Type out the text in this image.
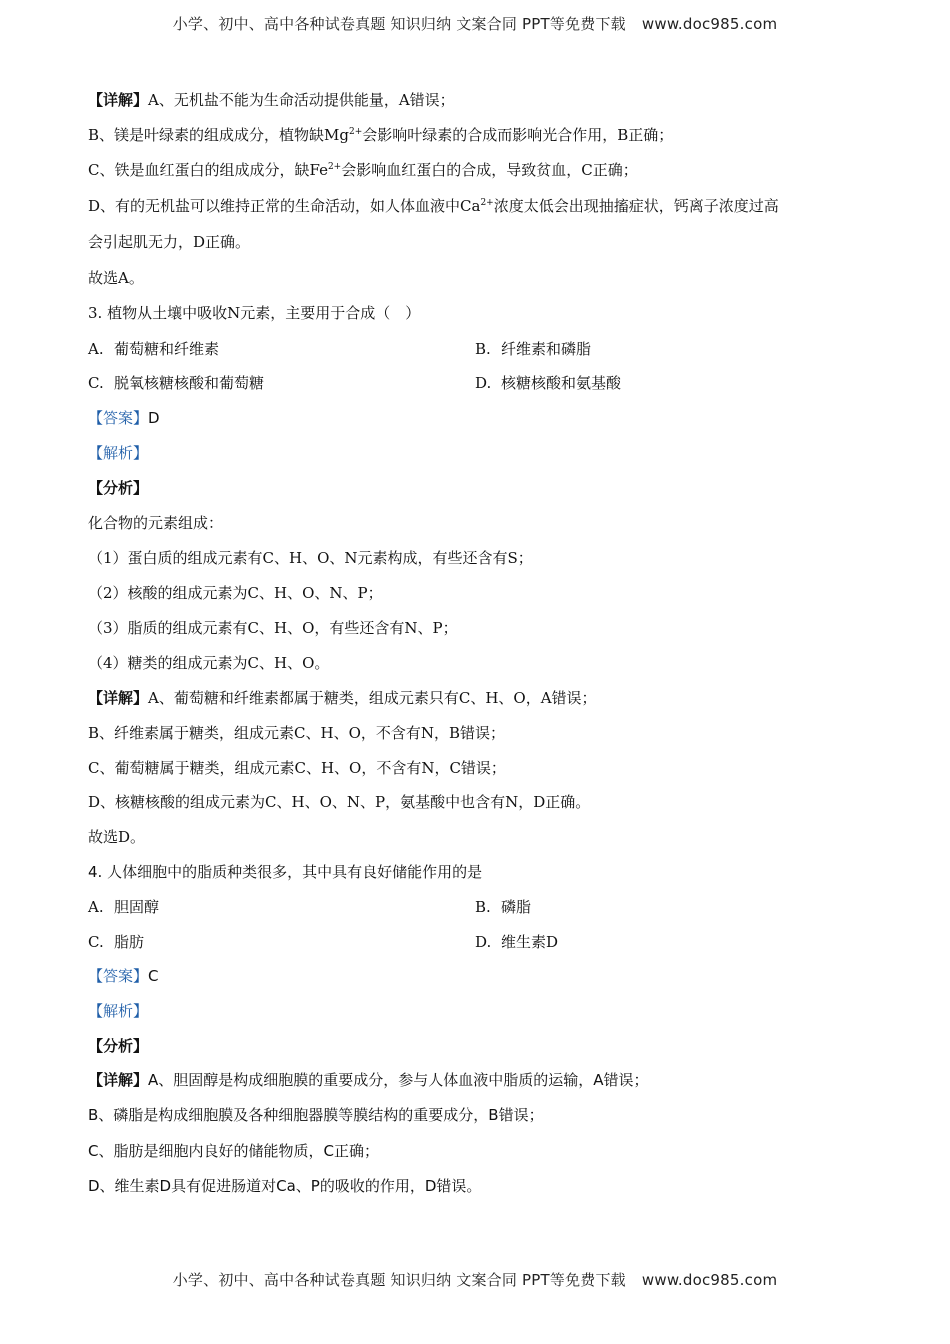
小学、初中、高中各种试卷真题 知识归纳 文案合同 PPT等免费下载 www.doc985.com
【详解】A、无机盐不能为生命活动提供能量，A错误；
B、镁是叶绿素的组成成分，植物缺$Mg^{2+}$会影响叶绿素的合成而影响光合作用，B正确；
C、铁是血红蛋白的组成成分，缺$Fe^{2+}$会影响血红蛋白的合成，导致贫血，C正确；
D、有的无机盐可以维持正常的生命活动，如人体血液中$Ca^{2+}$浓度太低会出现抽搐症状，钙离子浓度过高
会引起肌无力，D正确。
故选A。
3. 植物从土壤中吸收N元素，主要用于合成（　）
A. 葡萄糖和纤维素	B. 纤维素和磷脂
C. 脱氧核糖核酸和葡萄糖	D. 核糖核酸和氨基酸
【答案】D
【解析】
【分析】
化合物的元素组成：
（1）蛋白质的组成元素有C、H、O、N元素构成，有些还含有S；
（2）核酸的组成元素为C、H、O、N、P；
（3）脂质的组成元素有C、H、O，有些还含有N、P；
（4）糖类的组成元素为C、H、O。
【详解】A、葡萄糖和纤维素都属于糖类，组成元素只有C、H、O，A错误；
B、纤维素属于糖类，组成元素C、H、O，不含有N，B错误；
C、葡萄糖属于糖类，组成元素C、H、O，不含有N，C错误；
D、核糖核酸的组成元素为C、H、O、N、P，氨基酸中也含有N，D正确。
故选D。
4. 人体细胞中的脂质种类很多，其中具有良好储能作用的是
A. 胆固醇	B. 磷脂
C. 脂肪	D. 维生素D
【答案】C
【解析】
【分析】
【详解】A、胆固醇是构成细胞膜的重要成分，参与人体血液中脂质的运输，A错误；
B、磷脂是构成细胞膜及各种细胞器膜等膜结构的重要成分，B错误；
C、脂肪是细胞内良好的储能物质，C正确；
D、维生素D具有促进肠道对Ca、P的吸收的作用，D错误。
小学、初中、高中各种试卷真题 知识归纳 文案合同 PPT等免费下载 www.doc985.com
